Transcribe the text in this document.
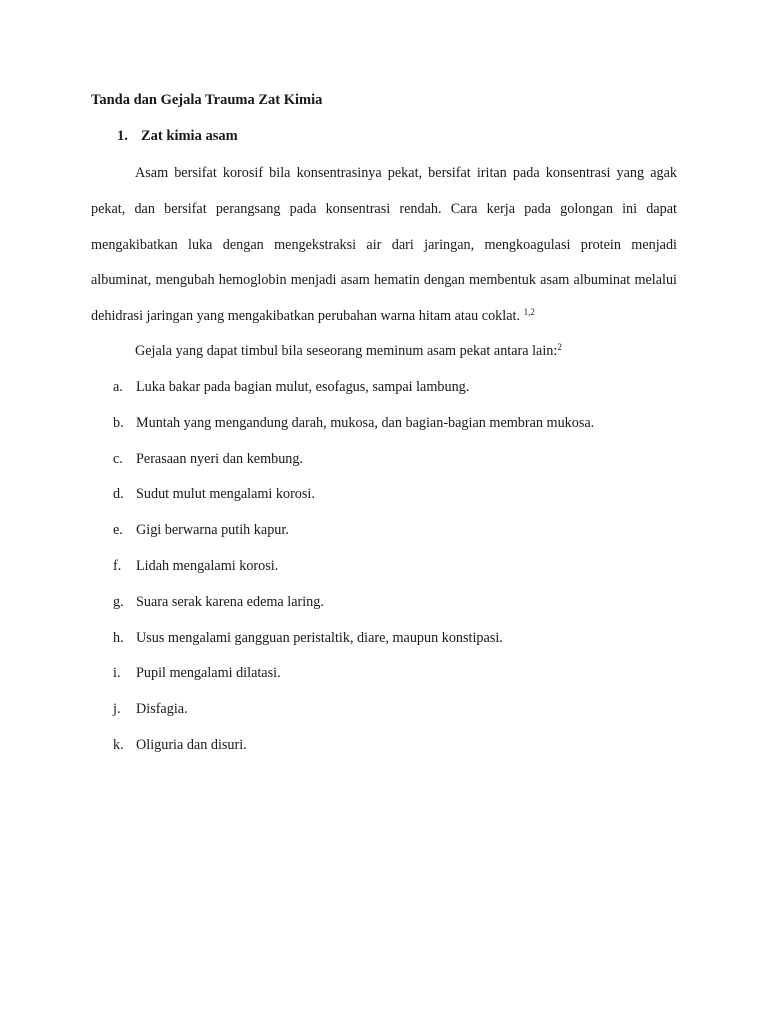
Tanda dan Gejala Trauma Zat Kimia
1. Zat kimia asam

Asam bersifat korosif bila konsentrasinya pekat, bersifat iritan pada konsentrasi yang agak pekat, dan bersifat perangsang pada konsentrasi rendah. Cara kerja pada golongan ini dapat mengakibatkan luka dengan mengekstraksi air dari jaringan, mengkoagulasi protein menjadi albuminat, mengubah hemoglobin menjadi asam hematin dengan membentuk asam albuminat melalui dehidrasi jaringan yang mengakibatkan perubahan warna hitam atau coklat. $^{1,2}$

Gejala yang dapat timbul bila seseorang meminum asam pekat antara lain:$^2$

a. Luka bakar pada bagian mulut, esofagus, sampai lambung.
b. Muntah yang mengandung darah, mukosa, dan bagian-bagian membran mukosa.
c. Perasaan nyeri dan kembung.
d. Sudut mulut mengalami korosi.
e. Gigi berwarna putih kapur.
f. Lidah mengalami korosi.
g. Suara serak karena edema laring.
h. Usus mengalami gangguan peristaltik, diare, maupun konstipasi.
i. Pupil mengalami dilatasi.
j. Disfagia.
k. Oliguria dan disuri.
